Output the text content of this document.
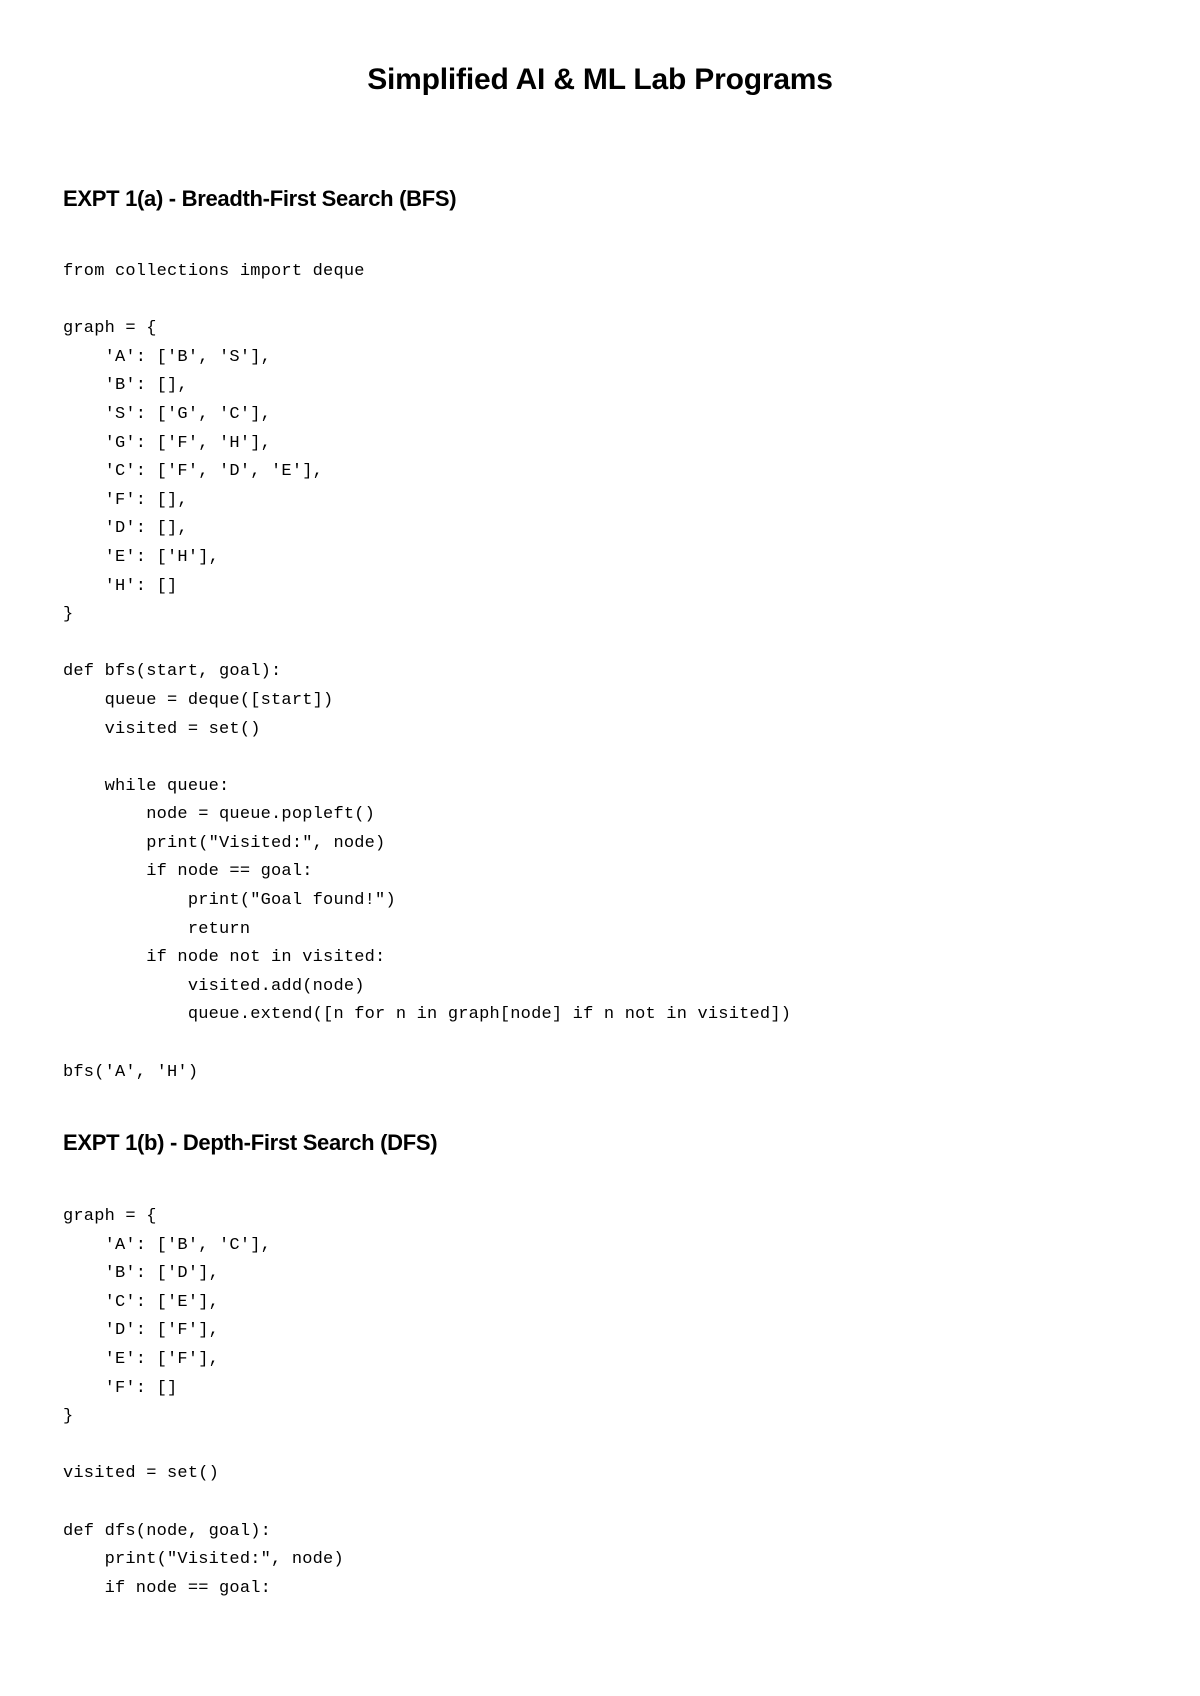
Simplified AI & ML Lab Programs
EXPT 1(a) - Breadth-First Search (BFS)
from collections import deque

graph = {
'A': ['B', 'S'],
'B': [],
'S': ['G', 'C'],
'G': ['F', 'H'],
'C': ['F', 'D', 'E'],
'F': [],
'D': [],
'E': ['H'],
'H': []
}

def bfs(start, goal):
queue = deque([start])
visited = set()

while queue:
node = queue.popleft()
print("Visited:", node)
if node == goal:
print("Goal found!")
return
if node not in visited:
visited.add(node)
queue.extend([n for n in graph[node] if n not in visited])

bfs('A', 'H')
EXPT 1(b) - Depth-First Search (DFS)
graph = {
'A': ['B', 'C'],
'B': ['D'],
'C': ['E'],
'D': ['F'],
'E': ['F'],
'F': []
}

visited = set()

def dfs(node, goal):
print("Visited:", node)
if node == goal:
